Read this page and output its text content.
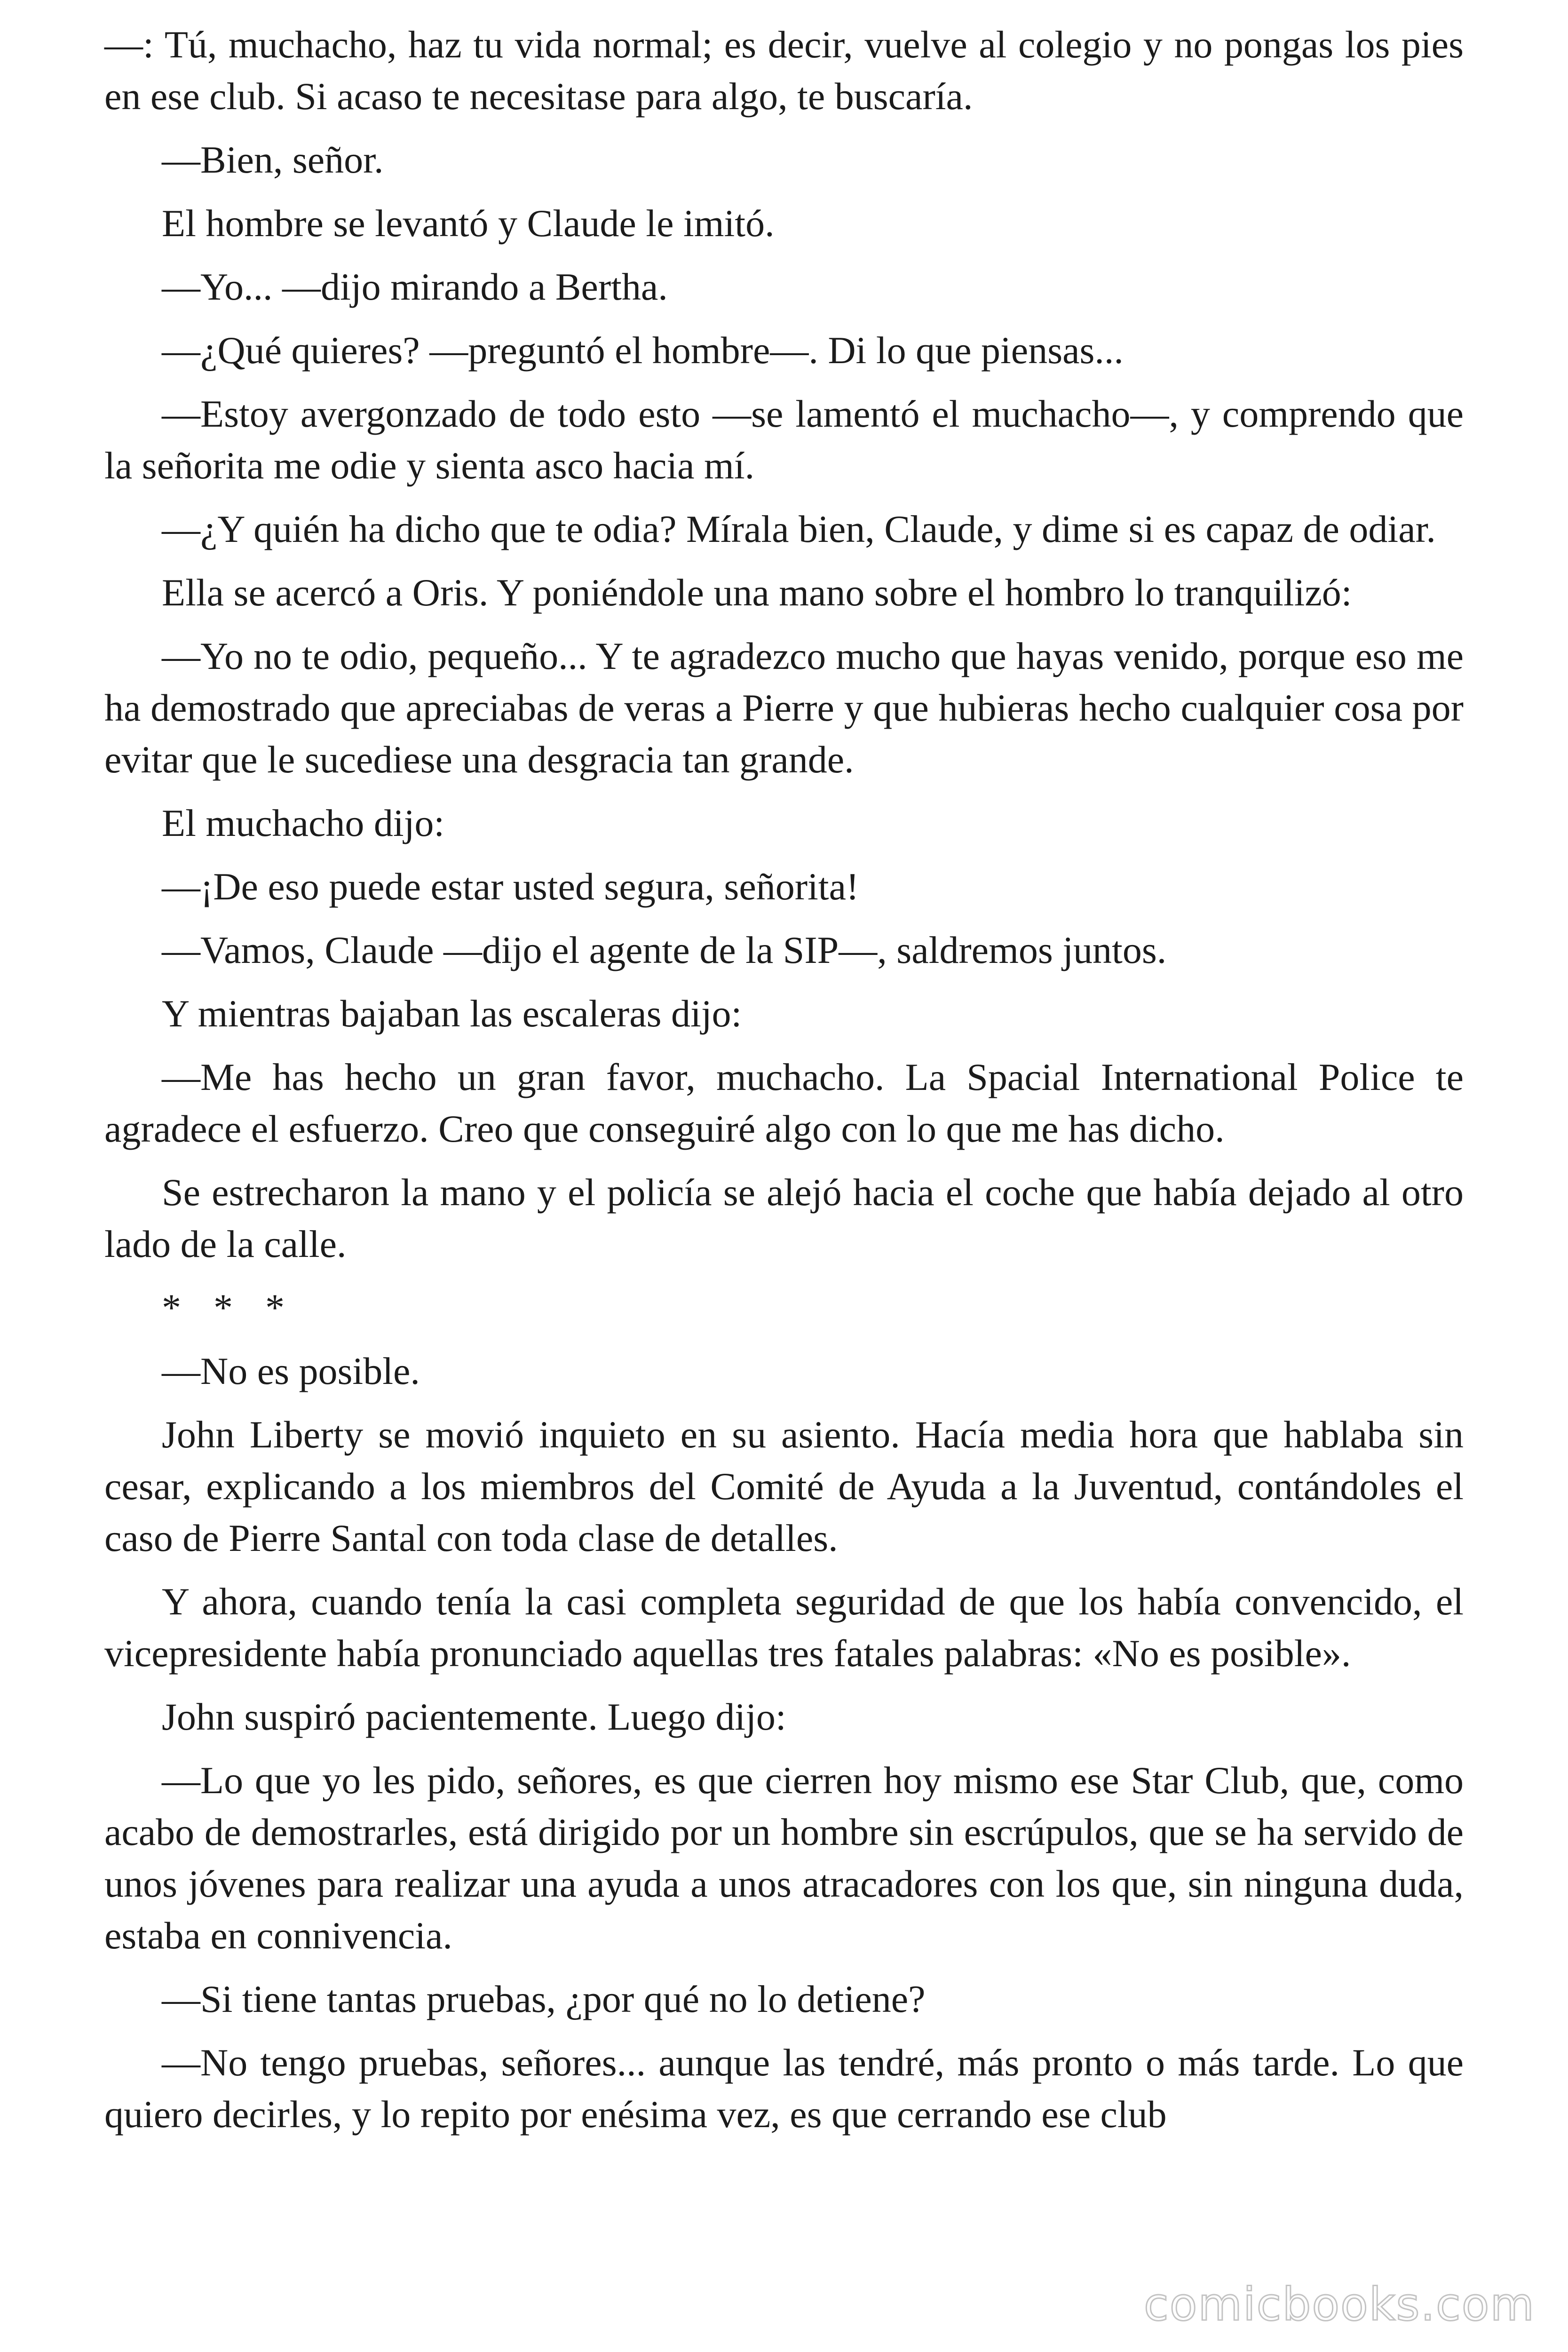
—: Tú, muchacho, haz tu vida normal; es decir, vuelve al colegio y no pongas los pies en ese club. Si acaso te necesitase para algo, te buscaría.

—Bien, señor.

El hombre se levantó y Claude le imitó.

—Yo... —dijo mirando a Bertha.

—¿Qué quieres? —preguntó el hombre—. Di lo que piensas...

—Estoy avergonzado de todo esto —se lamentó el muchacho—, y comprendo que la señorita me odie y sienta asco hacia mí.

—¿Y quién ha dicho que te odia? Mírala bien, Claude, y dime si es capaz de odiar.

Ella se acercó a Oris. Y poniéndole una mano sobre el hombro lo tranquilizó:

—Yo no te odio, pequeño... Y te agradezco mucho que hayas venido, porque eso me ha demostrado que apreciabas de veras a Pierre y que hubieras hecho cualquier cosa por evitar que le sucediese una desgracia tan grande.

El muchacho dijo:

—¡De eso puede estar usted segura, señorita!

—Vamos, Claude —dijo el agente de la SIP—, saldremos juntos.

Y mientras bajaban las escaleras dijo:

—Me has hecho un gran favor, muchacho. La Spacial International Police te agradece el esfuerzo. Creo que conseguiré algo con lo que me has dicho.

Se estrecharon la mano y el policía se alejó hacia el coche que había dejado al otro lado de la calle.

* * *

—No es posible.

John Liberty se movió inquieto en su asiento. Hacía media hora que hablaba sin cesar, explicando a los miembros del Comité de Ayuda a la Juventud, contándoles el caso de Pierre Santal con toda clase de detalles.

Y ahora, cuando tenía la casi completa seguridad de que los había convencido, el vicepresidente había pronunciado aquellas tres fatales palabras: «No es posible».

John suspiró pacientemente. Luego dijo:

—Lo que yo les pido, señores, es que cierren hoy mismo ese Star Club, que, como acabo de demostrarles, está dirigido por un hombre sin escrúpulos, que se ha servido de unos jóvenes para realizar una ayuda a unos atracadores con los que, sin ninguna duda, estaba en connivencia.

—Si tiene tantas pruebas, ¿por qué no lo detiene?

—No tengo pruebas, señores... aunque las tendré, más pronto o más tarde. Lo que quiero decirles, y lo repito por enésima vez, es que cerrando ese club

comicbooks.com
